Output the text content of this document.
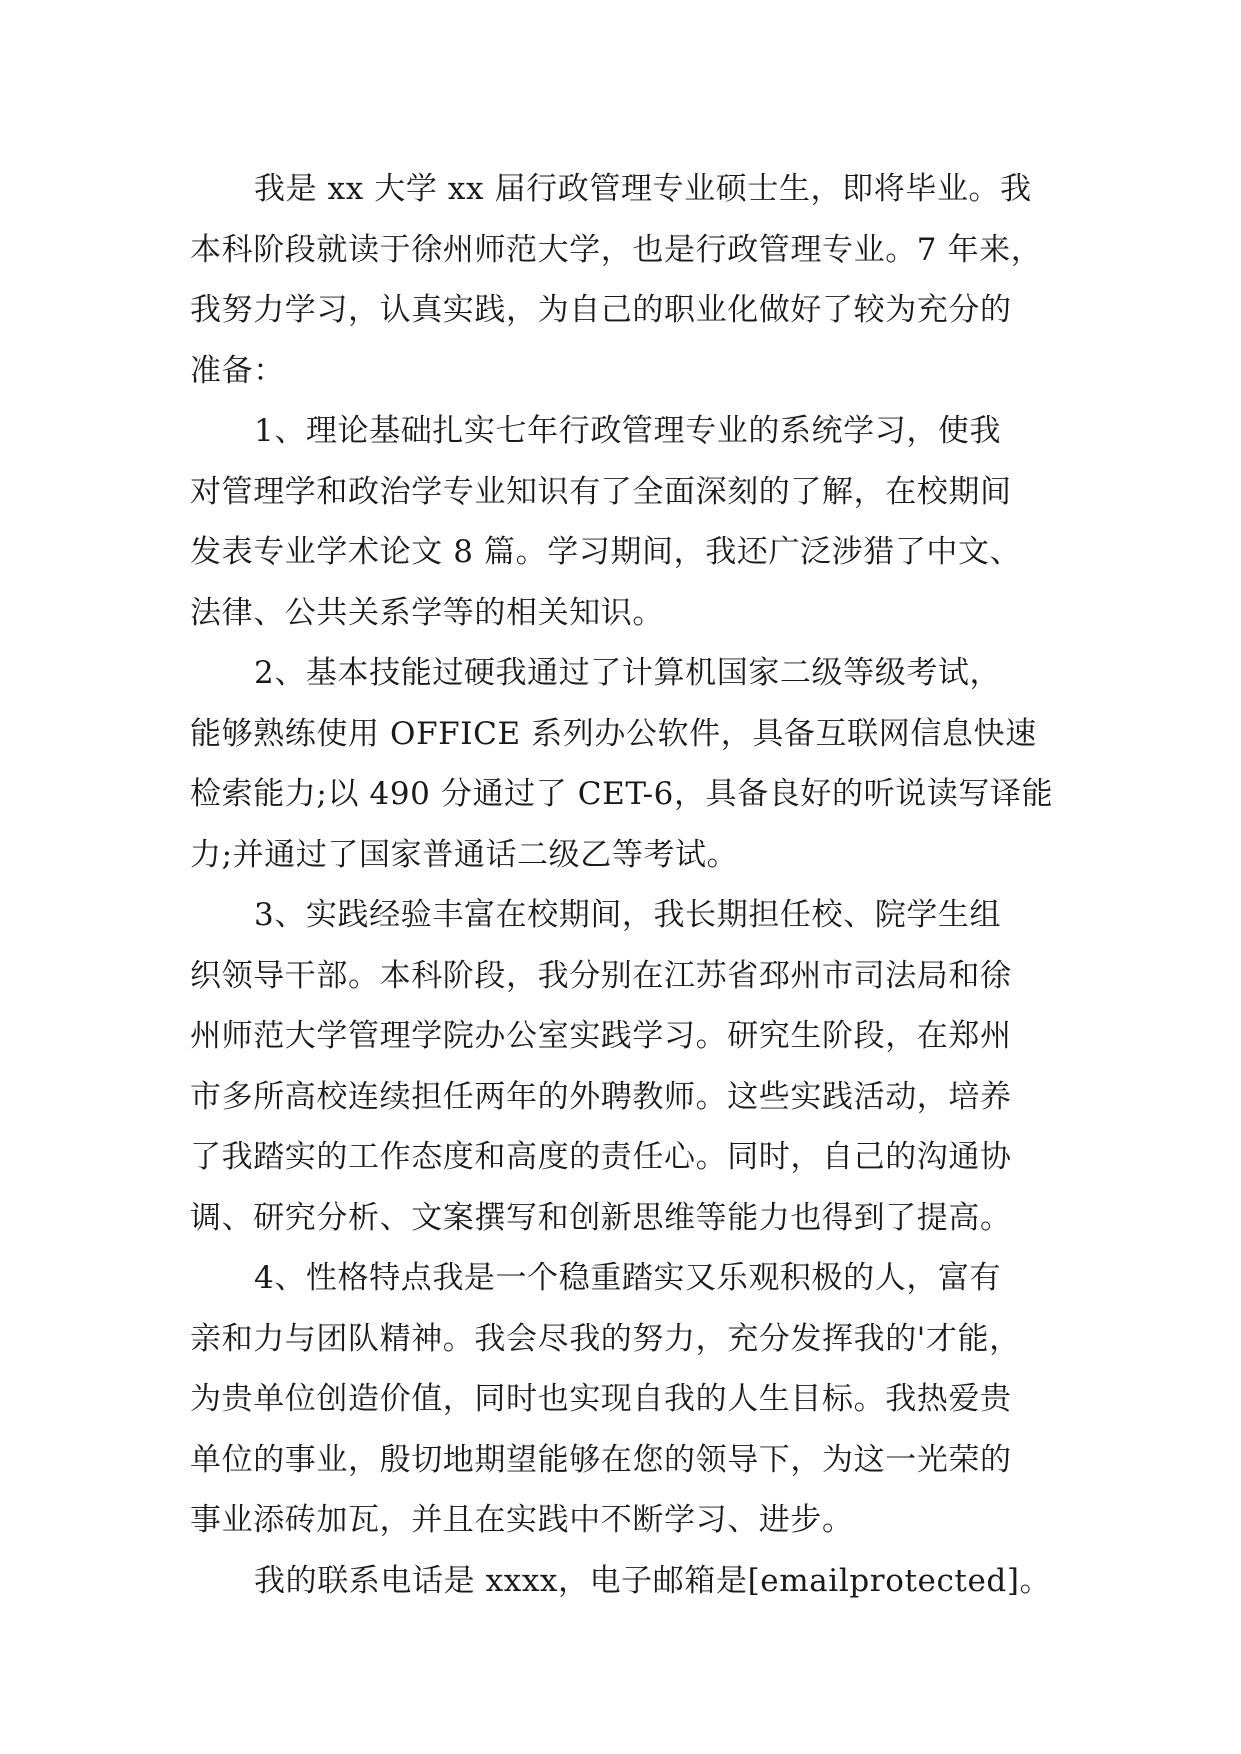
我是 xx 大学 xx 届行政管理专业硕士生，即将毕业。我
本科阶段就读于徐州师范大学，也是行政管理专业。7 年来，
我努力学习，认真实践，为自己的职业化做好了较为充分的
准备：
1、理论基础扎实七年行政管理专业的系统学习，使我
对管理学和政治学专业知识有了全面深刻的了解，在校期间
发表专业学术论文 8 篇。学习期间，我还广泛涉猎了中文、
法律、公共关系学等的相关知识。
2、基本技能过硬我通过了计算机国家二级等级考试，
能够熟练使用 OFFICE 系列办公软件，具备互联网信息快速
检索能力;以 490 分通过了 CET-6，具备良好的听说读写译能
力;并通过了国家普通话二级乙等考试。
3、实践经验丰富在校期间，我长期担任校、院学生组
织领导干部。本科阶段，我分别在江苏省邳州市司法局和徐
州师范大学管理学院办公室实践学习。研究生阶段，在郑州
市多所高校连续担任两年的外聘教师。这些实践活动，培养
了我踏实的工作态度和高度的责任心。同时，自己的沟通协
调、研究分析、文案撰写和创新思维等能力也得到了提高。
4、性格特点我是一个稳重踏实又乐观积极的人，富有
亲和力与团队精神。我会尽我的努力，充分发挥我的'才能，
为贵单位创造价值，同时也实现自我的人生目标。我热爱贵
单位的事业，殷切地期望能够在您的领导下，为这一光荣的
事业添砖加瓦，并且在实践中不断学习、进步。
我的联系电话是 xxxx，电子邮箱是[emailprotected]。
